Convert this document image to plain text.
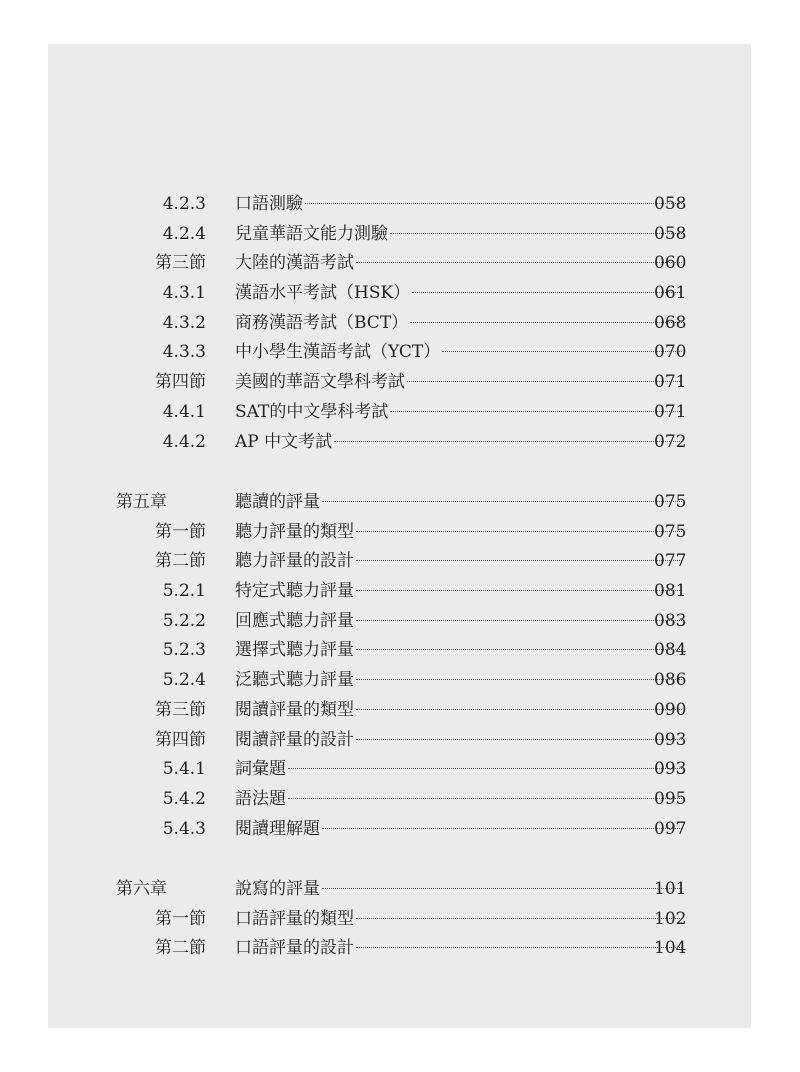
4.2.3 口語測驗	058
4.2.4 兒童華語文能力測驗	058
第三節 大陸的漢語考試	060
4.3.1 漢語水平考試（HSK）	061
4.3.2 商務漢語考試（BCT）	068
4.3.3 中小學生漢語考試（YCT）	070
第四節 美國的華語文學科考試	071
4.4.1 SAT的中文學科考試	071
4.4.2 AP 中文考試	072
第五章	聽讀的評量	075
第一節 聽力評量的類型	075
第二節 聽力評量的設計	077
5.2.1 特定式聽力評量	081
5.2.2 回應式聽力評量	083
5.2.3 選擇式聽力評量	084
5.2.4 泛聽式聽力評量	086
第三節 閱讀評量的類型	090
第四節 閱讀評量的設計	093
5.4.1 詞彙題	093
5.4.2 語法題	095
5.4.3 閱讀理解題	097
第六章	說寫的評量	101
第一節 口語評量的類型	102
第二節 口語評量的設計	104
